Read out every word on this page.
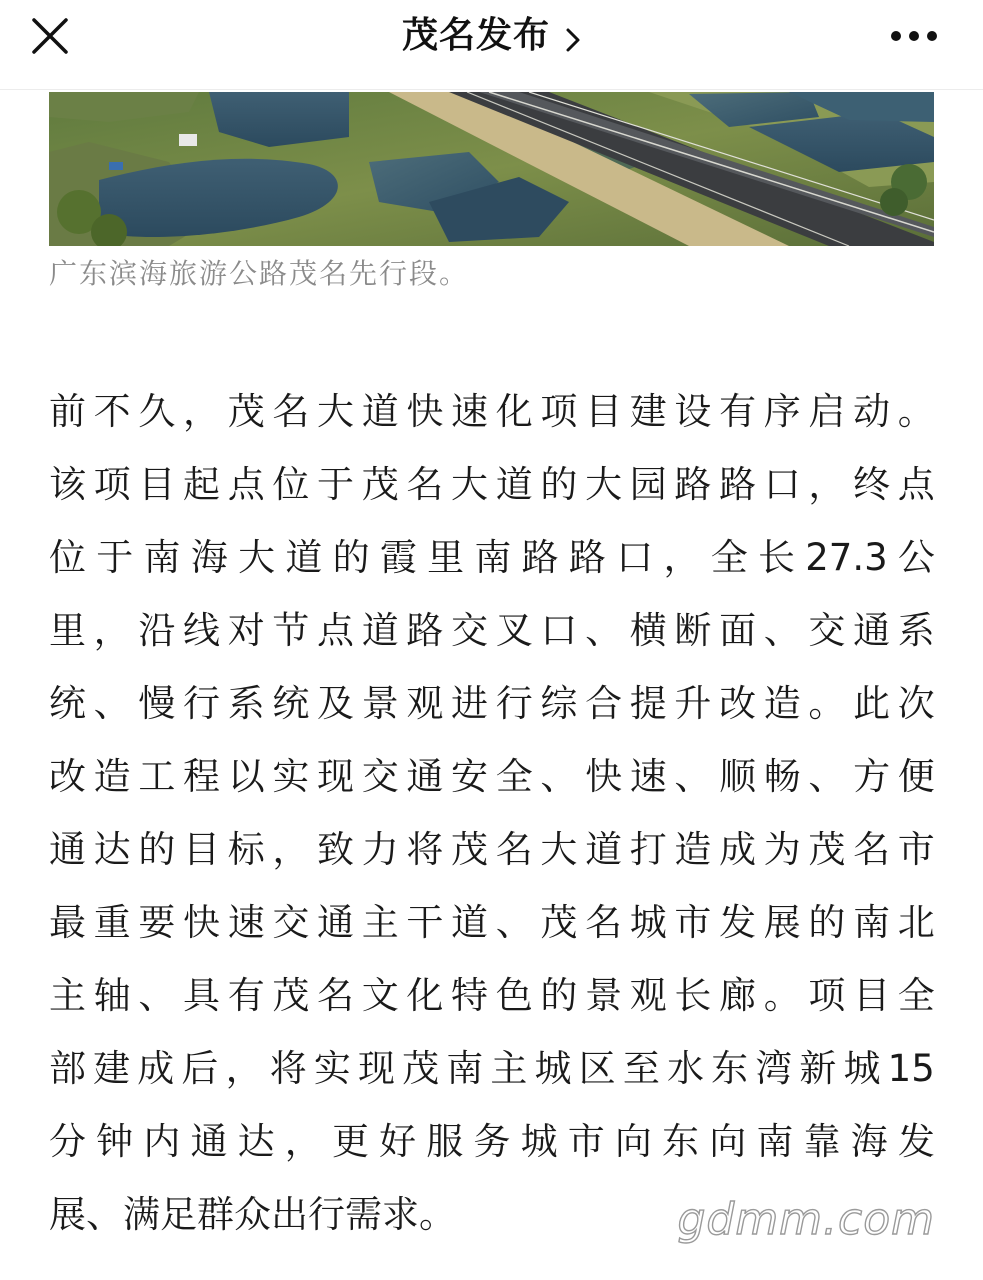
茂名发布
广东滨海旅游公路茂名先行段。
前 不 久 ， 茂 名 大 道 快 速 化 项 目 建 设 有 序 启 动 。
该 项 目 起 点 位 于 茂 名 大 道 的 大 园 路 路 口 ， 终 点
位 于 南 海 大 道 的 霞 里 南 路 路 口 ， 全 长 27.3 公
里 ， 沿 线 对 节 点 道 路 交 叉 口 、 横 断 面 、 交 通 系
统 、 慢 行 系 统 及 景 观 进 行 综 合 提 升 改 造 。 此 次
改 造 工 程 以 实 现 交 通 安 全 、 快 速 、 顺 畅 、 方 便
通 达 的 目 标 ， 致 力 将 茂 名 大 道 打 造 成 为 茂 名 市
最 重 要 快 速 交 通 主 干 道 、 茂 名 城 市 发 展 的 南 北
主 轴 、 具 有 茂 名 文 化 特 色 的 景 观 长 廊 。 项 目 全
部 建 成 后 ， 将 实 现 茂 南 主 城 区 至 水 东 湾 新 城 15
分 钟 内 通 达 ， 更 好 服 务 城 市 向 东 向 南 靠 海 发
展 、 满 足 群 众 出 行 需 求 。	gdmm.com
